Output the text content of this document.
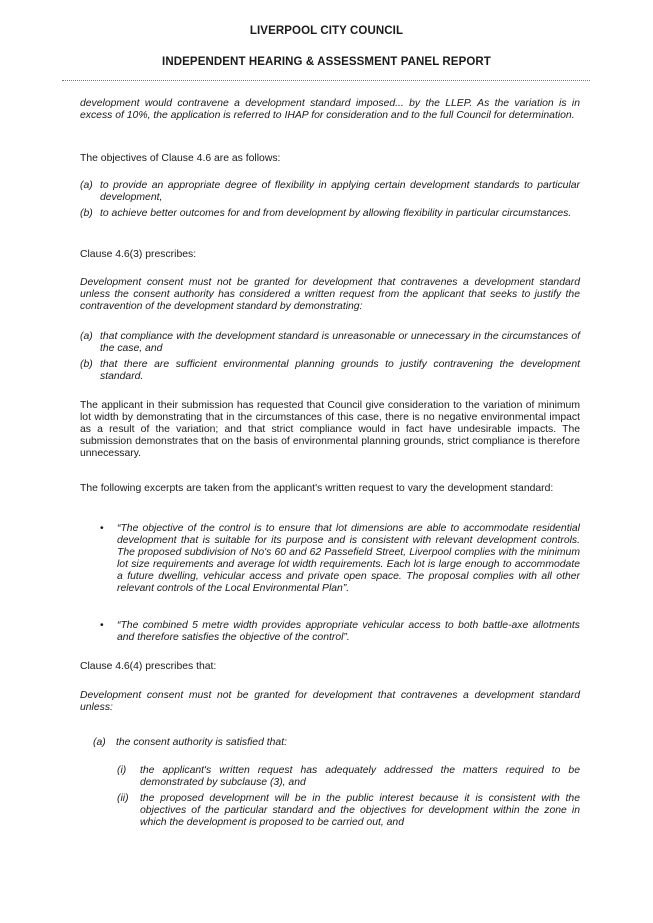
LIVERPOOL CITY COUNCIL
INDEPENDENT HEARING & ASSESSMENT PANEL REPORT
development would contravene a development standard imposed... by the LLEP. As the variation is in excess of 10%, the application is referred to IHAP for consideration and to the full Council for determination.
The objectives of Clause 4.6 are as follows:
(a) to provide an appropriate degree of flexibility in applying certain development standards to particular development,
(b) to achieve better outcomes for and from development by allowing flexibility in particular circumstances.
Clause 4.6(3) prescribes:
Development consent must not be granted for development that contravenes a development standard unless the consent authority has considered a written request from the applicant that seeks to justify the contravention of the development standard by demonstrating:
(a) that compliance with the development standard is unreasonable or unnecessary in the circumstances of the case, and
(b) that there are sufficient environmental planning grounds to justify contravening the development standard.
The applicant in their submission has requested that Council give consideration to the variation of minimum lot width by demonstrating that in the circumstances of this case, there is no negative environmental impact as a result of the variation; and that strict compliance would in fact have undesirable impacts. The submission demonstrates that on the basis of environmental planning grounds, strict compliance is therefore unnecessary.
The following excerpts are taken from the applicant's written request to vary the development standard:
• “The objective of the control is to ensure that lot dimensions are able to accommodate residential development that is suitable for its purpose and is consistent with relevant development controls. The proposed subdivision of No's 60 and 62 Passefield Street, Liverpool complies with the minimum lot size requirements and average lot width requirements. Each lot is large enough to accommodate a future dwelling, vehicular access and private open space. The proposal complies with all other relevant controls of the Local Environmental Plan”.
• “The combined 5 metre width provides appropriate vehicular access to both battle-axe allotments and therefore satisfies the objective of the control”.
Clause 4.6(4) prescribes that:
Development consent must not be granted for development that contravenes a development standard unless:
(a) the consent authority is satisfied that:
(i) the applicant's written request has adequately addressed the matters required to be demonstrated by subclause (3), and
(ii) the proposed development will be in the public interest because it is consistent with the objectives of the particular standard and the objectives for development within the zone in which the development is proposed to be carried out, and
